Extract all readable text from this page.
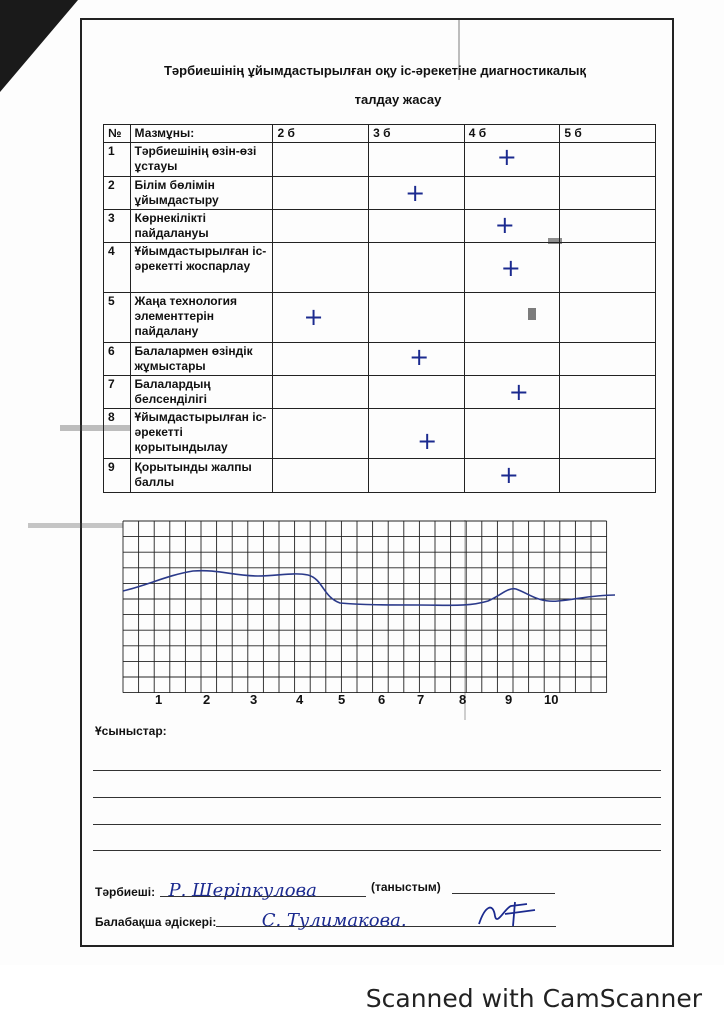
Тәрбиешінің ұйымдастырылған оқу іс-әрекетіне диагностикалық
талдау жасау
№	Мазмұны:	2 б	3 б	4 б	5 б
1	Тәрбиешінің өзін-өзі ұстауы			+	

2	Білім бөлімін ұйымдастыру		+		

3	Көрнекілікті пайдалануы			+	

4	Ұйымдастырылған іс-әрекетті жоспарлау			+	

5	Жаңа технология элементтерін пайдалану	+			

6	Балалармен өзіндік жұмыстары		+		

7	Балалардың белсенділігі			+	

8	Ұйымдастырылған іс-әрекетті қорытындылау		+		

9	Қорытынды жалпы баллы			+	

1	2	3	4	5	6 7	8	9 10
Ұсыныстар:
Тәрбиеші: Р. Шеріпкулова	(таныстым)
Балабақша әдіскері:	С. Тулимакова.
Scanned with CamScanner
